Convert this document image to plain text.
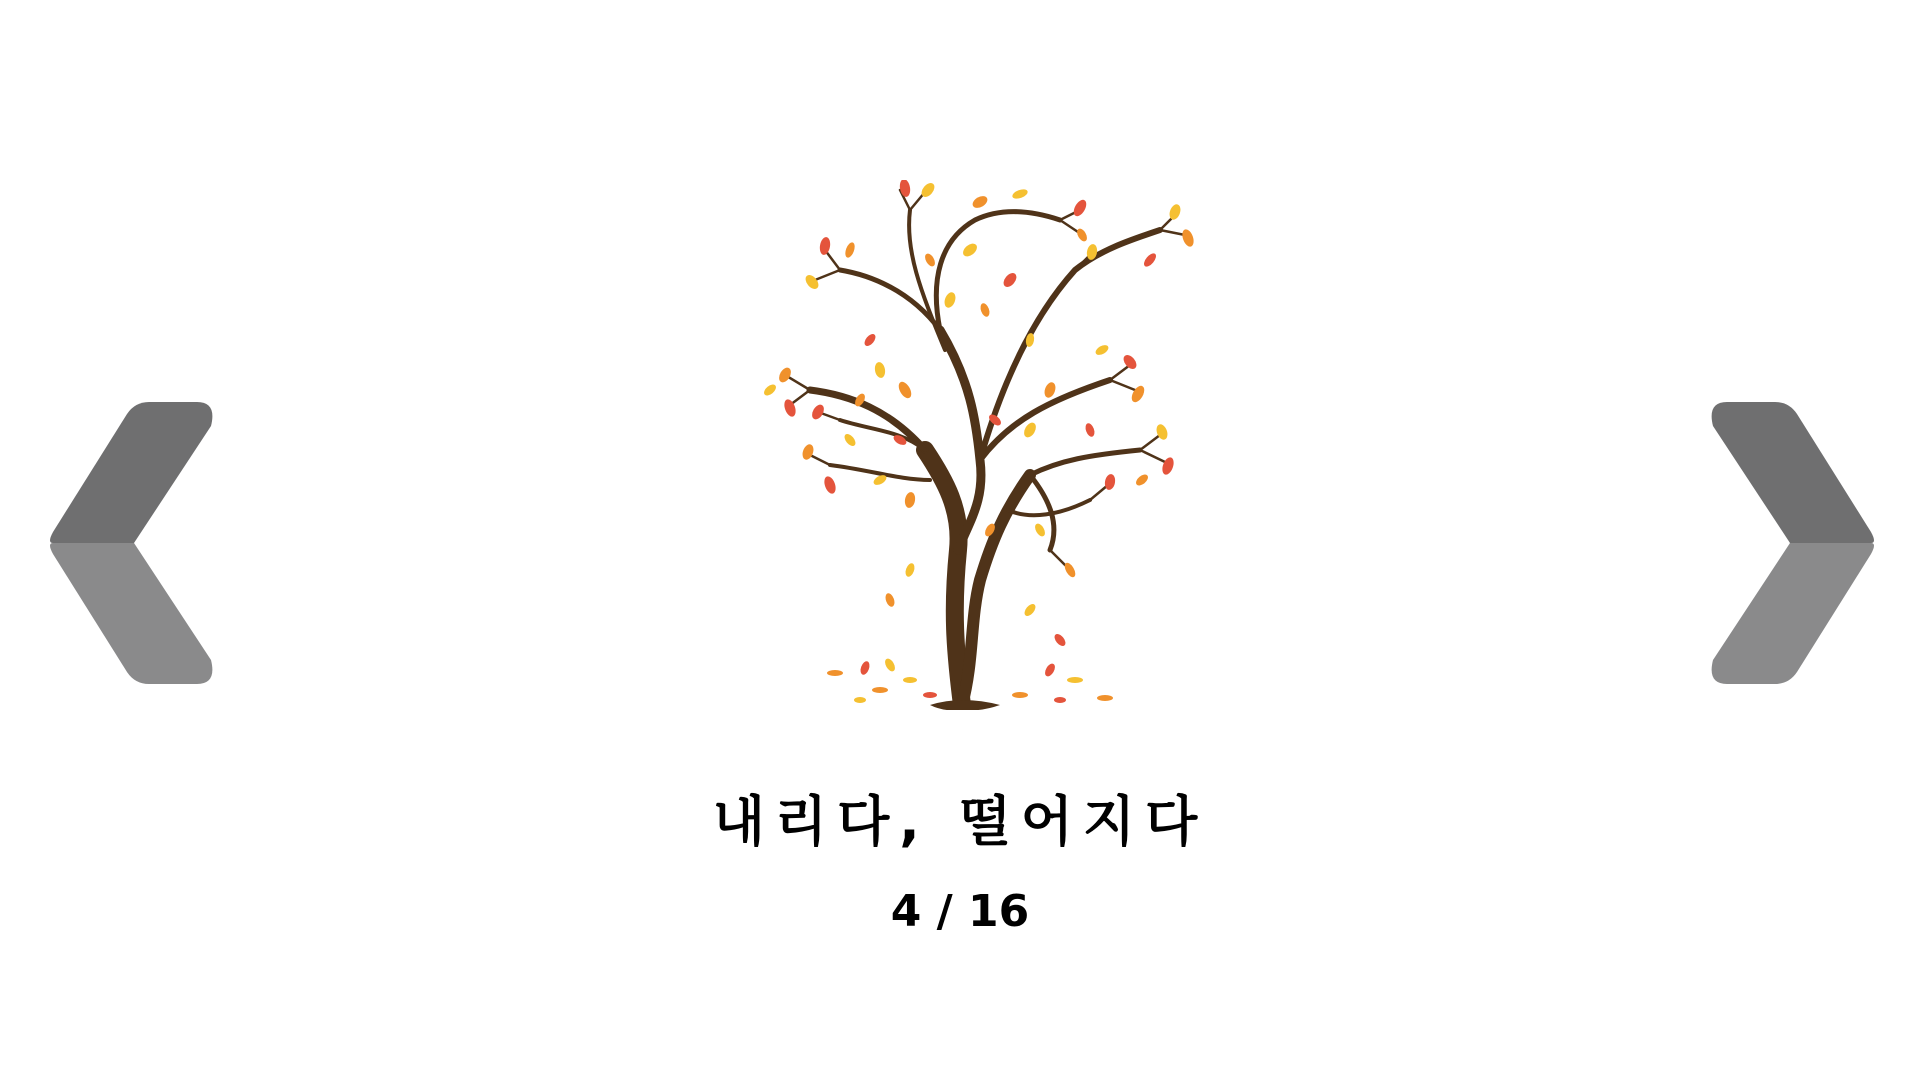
내리다, 떨어지다
4 / 16
